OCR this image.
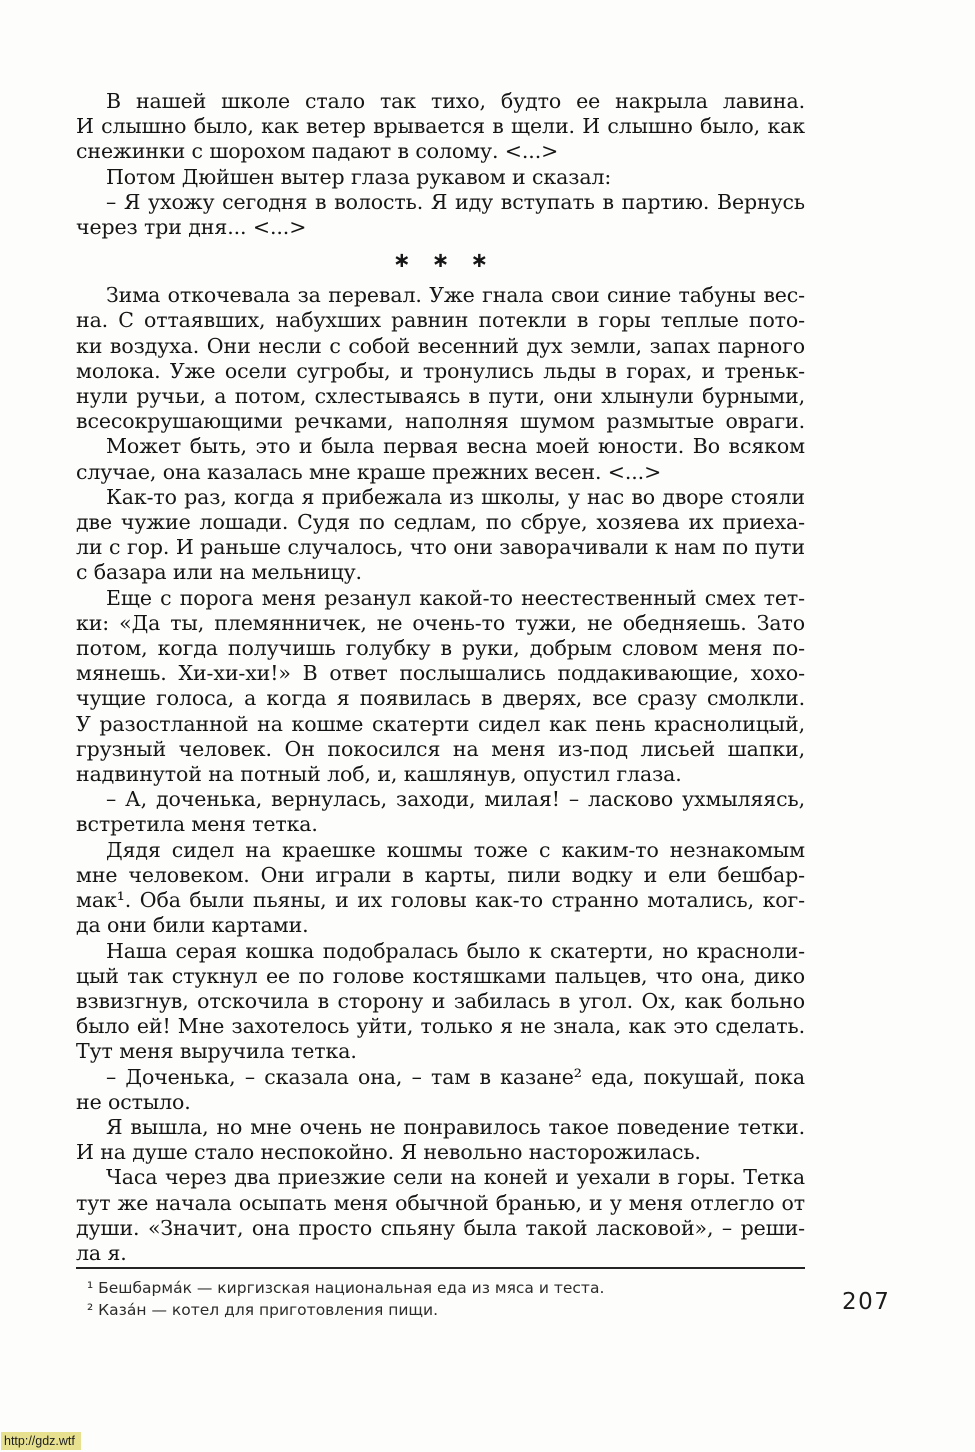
В нашей школе стало так тихо, будто ее накрыла лавина.
И слышно было, как ветер врывается в щели. И слышно было, как
снежинки с шорохом падают в солому. <...>
Потом Дюйшен вытер глаза рукавом и сказал:
– Я ухожу сегодня в волость. Я иду вступать в партию. Вернусь
через три дня... <...>
∗ ∗ ∗
Зима откочевала за перевал. Уже гнала свои синие табуны вес-
на. С оттаявших, набухших равнин потекли в горы теплые пото-
ки воздуха. Они несли с собой весенний дух земли, запах парного
молока. Уже осели сугробы, и тронулись льды в горах, и треньк-
нули ручьи, а потом, схлестываясь в пути, они хлынули бурными,
всесокрушающими речками, наполняя шумом размытые овраги.
Может быть, это и была первая весна моей юности. Во всяком
случае, она казалась мне краше прежних весен. <...>
Как-то раз, когда я прибежала из школы, у нас во дворе стояли
две чужие лошади. Судя по седлам, по сбруе, хозяева их приеха-
ли с гор. И раньше случалось, что они заворачивали к нам по пути
с базара или на мельницу.
Еще с порога меня резанул какой-то неестественный смех тет-
ки: «Да ты, племянничек, не очень-то тужи, не обедняешь. Зато
потом, когда получишь голубку в руки, добрым словом меня по-
мянешь. Хи-хи-хи!» В ответ послышались поддакивающие, хохо-
чущие голоса, а когда я появилась в дверях, все сразу смолкли.
У разостланной на кошме скатерти сидел как пень краснолицый,
грузный человек. Он покосился на меня из-под лисьей шапки,
надвинутой на потный лоб, и, кашлянув, опустил глаза.
– А, доченька, вернулась, заходи, милая! – ласково ухмыляясь,
встретила меня тетка.
Дядя сидел на краешке кошмы тоже с каким-то незнакомым
мне человеком. Они играли в карты, пили водку и ели бешбар-
мак¹. Оба были пьяны, и их головы как-то странно мотались, ког-
да они били картами.
Наша серая кошка подобралась было к скатерти, но красноли-
цый так стукнул ее по голове костяшками пальцев, что она, дико
взвизгнув, отскочила в сторону и забилась в угол. Ох, как больно
было ей! Мне захотелось уйти, только я не знала, как это сделать.
Тут меня выручила тетка.
– Доченька, – сказала она, – там в казане² еда, покушай, пока
не остыло.
Я вышла, но мне очень не понравилось такое поведение тетки.
И на душе стало неспокойно. Я невольно насторожилась.
Часа через два приезжие сели на коней и уехали в горы. Тетка
тут же начала осыпать меня обычной бранью, и у меня отлегло от
души. «Значит, она просто спьяну была такой ласковой», – реши-
ла я.
¹ Бешбарма́к — киргизская национальная еда из мяса и теста.
² Каза́н — котел для приготовления пищи.	207
http://gdz.wtf
